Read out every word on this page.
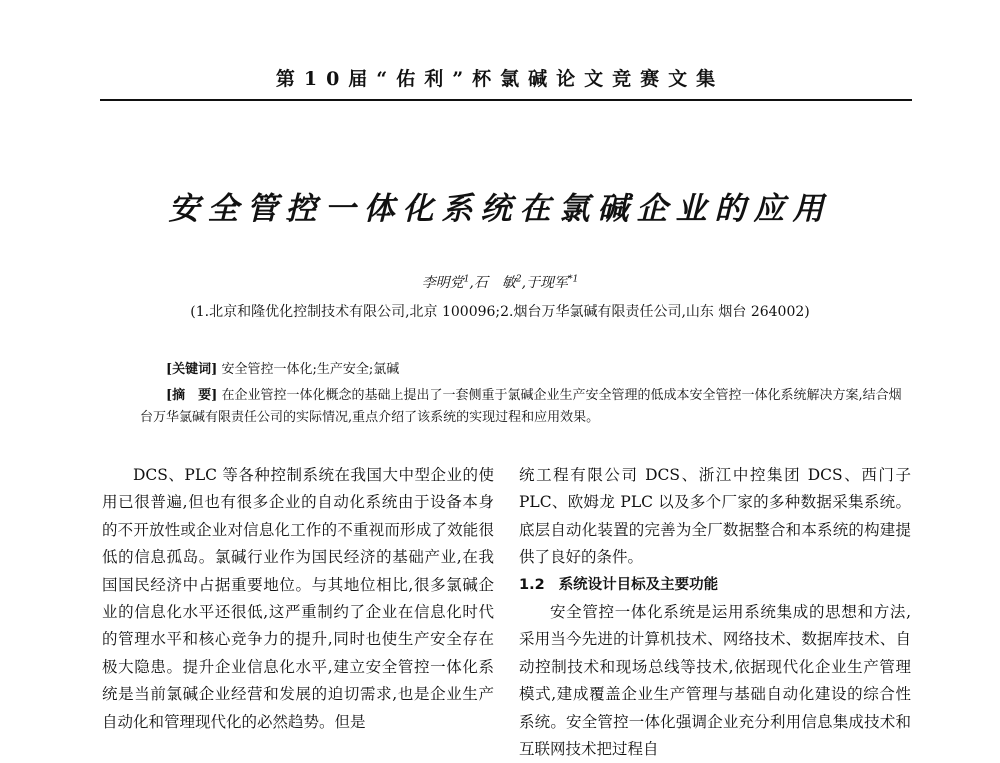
第10届“佑利”杯氯碱论文竞赛文集
安全管控一体化系统在氯碱企业的应用
李明党$^1$,石　敏$^2$,于现军$^{*1}$
(1.北京和隆优化控制技术有限公司,北京 100096;2.烟台万华氯碱有限责任公司,山东 烟台 264002)
[关键词] 安全管控一体化;生产安全;氯碱
[摘　要] 在企业管控一体化概念的基础上提出了一套侧重于氯碱企业生产安全管理的低成本安全管控一体化系统解决方案,结合烟台万华氯碱有限责任公司的实际情况,重点介绍了该系统的实现过程和应用效果。

DCS、PLC 等各种控制系统在我国大中型企业的使用已很普遍,但也有很多企业的自动化系统由于设备本身的不开放性或企业对信息化工作的不重视而形成了效能很低的信息孤岛。氯碱行业作为国民经济的基础产业,在我国国民经济中占据重要地位。与其地位相比,很多氯碱企业的信息化水平还很低,这严重制约了企业在信息化时代的管理水平和核心竞争力的提升,同时也使生产安全存在极大隐患。提升企业信息化水平,建立安全管控一体化系统是当前氯碱企业经营和发展的迫切需求,也是企业生产自动化和管理现代化的必然趋势。但是

统工程有限公司 DCS、浙江中控集团 DCS、西门子 PLC、欧姆龙 PLC 以及多个厂家的多种数据采集系统。底层自动化装置的完善为全厂数据整合和本系统的构建提供了良好的条件。

1.2 系统设计目标及主要功能

安全管控一体化系统是运用系统集成的思想和方法,采用当今先进的计算机技术、网络技术、数据库技术、自动控制技术和现场总线等技术,依据现代化企业生产管理模式,建成覆盖企业生产管理与基础自动化建设的综合性系统。安全管控一体化强调企业充分利用信息集成技术和互联网技术把过程自
